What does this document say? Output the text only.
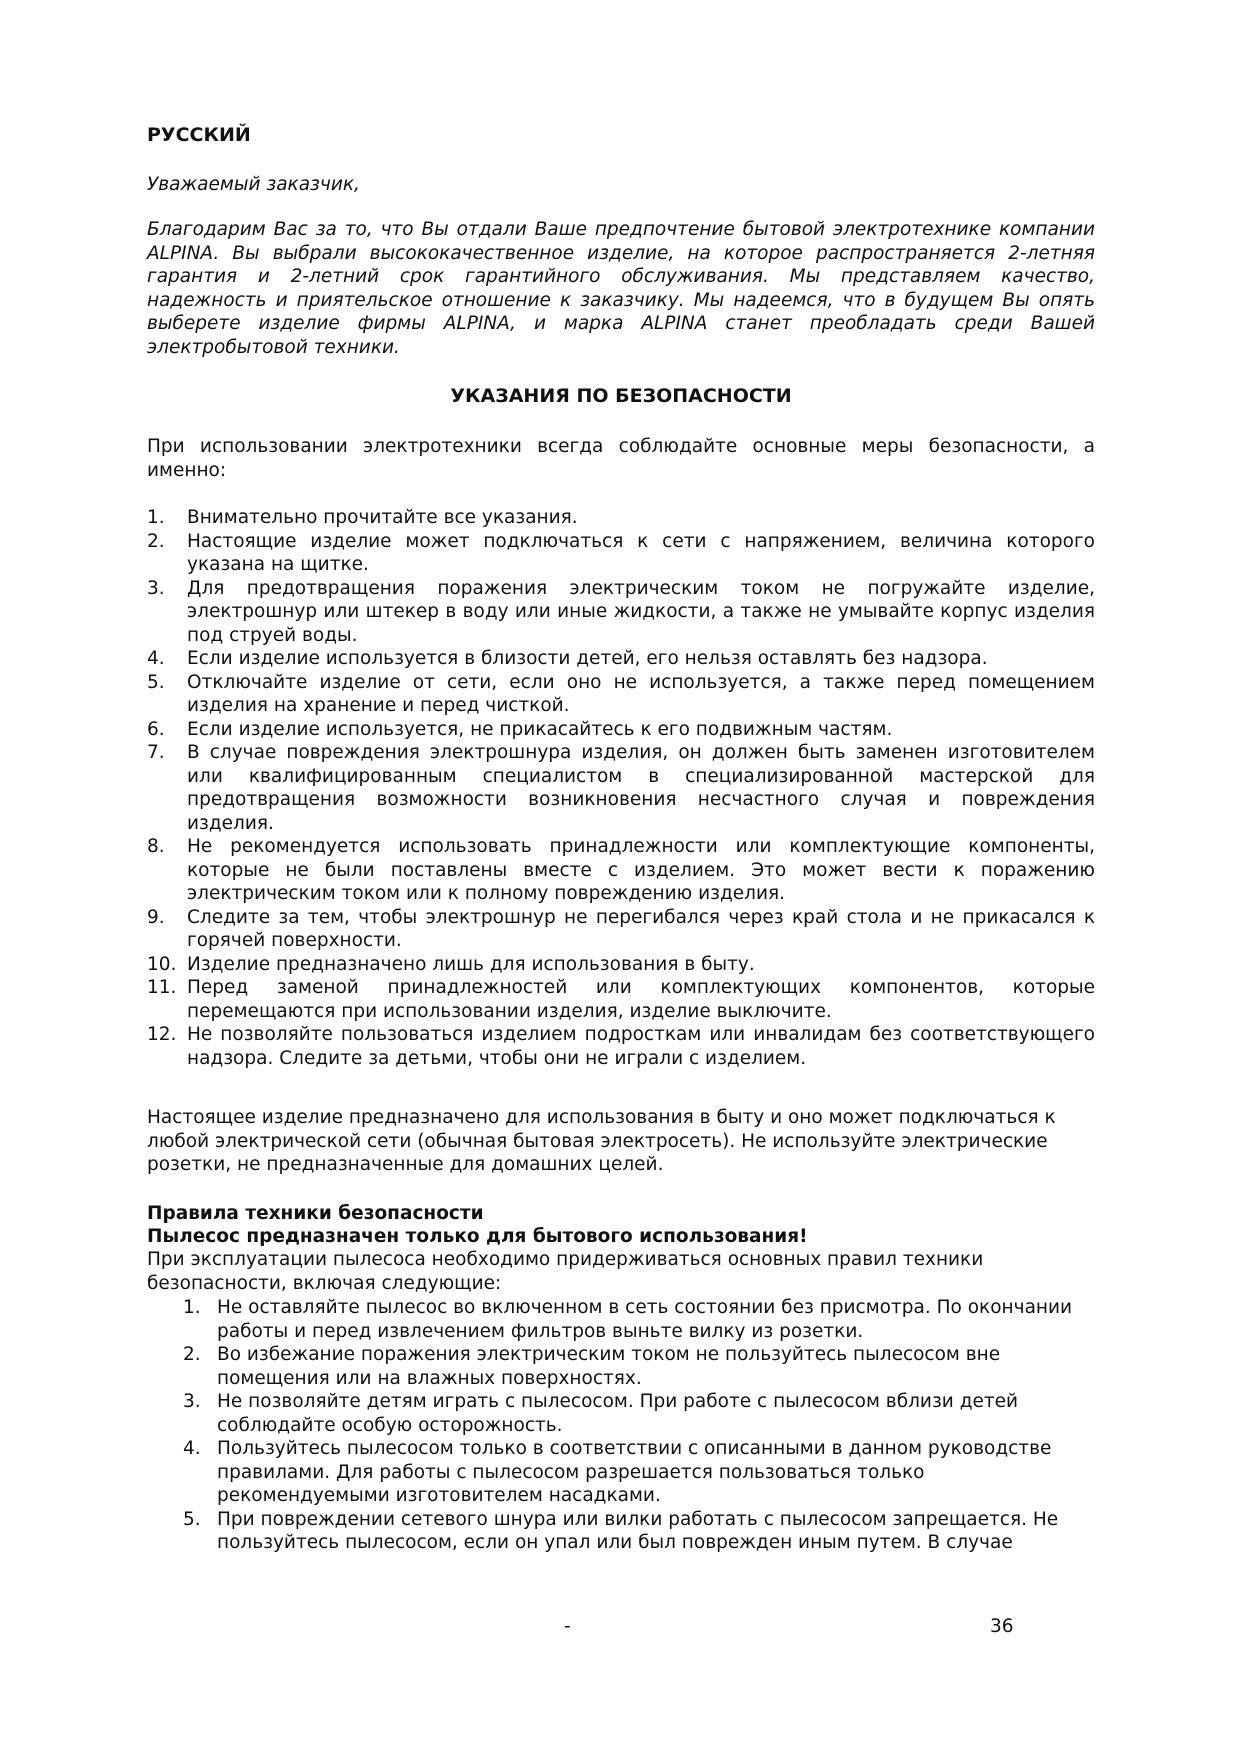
РУССКИЙ
Уважаемый заказчик,
Благодарим Вас за то, что Вы отдали Ваше предпочтение бытовой электротехнике компании ALPINA. Вы выбрали высококачественное изделие, на которое распространяется 2-летняя гарантия и 2-летний срок гарантийного обслуживания. Мы представляем качество, надежность и приятельское отношение к заказчику. Мы надеемся, что в будущем Вы опять выберете изделие фирмы ALPINA, и марка ALPINA станет преобладать среди Вашей электробытовой техники.
УКАЗАНИЯ ПО БЕЗОПАСНОСТИ
При использовании электротехники всегда соблюдайте основные меры безопасности, а именно:
1. Внимательно прочитайте все указания.
2. Настоящие изделие может подключаться к сети с напряжением, величина которого указана на щитке.
3. Для предотвращения поражения электрическим током не погружайте изделие, электрошнур или штекер в воду или иные жидкости, а также не умывайте корпус изделия под струей воды.
4. Если изделие используется в близости детей, его нельзя оставлять без надзора.
5. Отключайте изделие от сети, если оно не используется, а также перед помещением изделия на хранение и перед чисткой.
6. Если изделие используется, не прикасайтесь к его подвижным частям.
7. В случае повреждения электрошнура изделия, он должен быть заменен изготовителем или квалифицированным специалистом в специализированной мастерской для предотвращения возможности возникновения несчастного случая и повреждения изделия.
8. Не рекомендуется использовать принадлежности или комплектующие компоненты, которые не были поставлены вместе с изделием. Это может вести к поражению электрическим током или к полному повреждению изделия.
9. Следите за тем, чтобы электрошнур не перегибался через край стола и не прикасался к горячей поверхности.
10. Изделие предназначено лишь для использования в быту.
11. Перед заменой принадлежностей или комплектующих компонентов, которые перемещаются при использовании изделия, изделие выключите.
12. Не позволяйте пользоваться изделием подросткам или инвалидам без соответствующего надзора. Следите за детьми, чтобы они не играли с изделием.
Настоящее изделие предназначено для использования в быту и оно может подключаться к любой электрической сети (обычная бытовая электросеть). Не используйте электрические розетки, не предназначенные для домашних целей.
Правила техники безопасности
Пылесос предназначен только для бытового использования!
При эксплуатации пылесоса необходимо придерживаться основных правил техники безопасности, включая следующие:
1. Не оставляйте пылесос во включенном в сеть состоянии без присмотра. По окончании работы и перед извлечением фильтров выньте вилку из розетки.
2. Во избежание поражения электрическим током не пользуйтесь пылесосом вне помещения или на влажных поверхностях.
3. Не позволяйте детям играть с пылесосом. При работе с пылесосом вблизи детей соблюдайте особую осторожность.
4. Пользуйтесь пылесосом только в соответствии с описанными в данном руководстве правилами. Для работы с пылесосом разрешается пользоваться только рекомендуемыми изготовителем насадками.
5. При повреждении сетевого шнура или вилки работать с пылесосом запрещается. Не пользуйтесь пылесосом, если он упал или был поврежден иным путем. В случае
-	36
